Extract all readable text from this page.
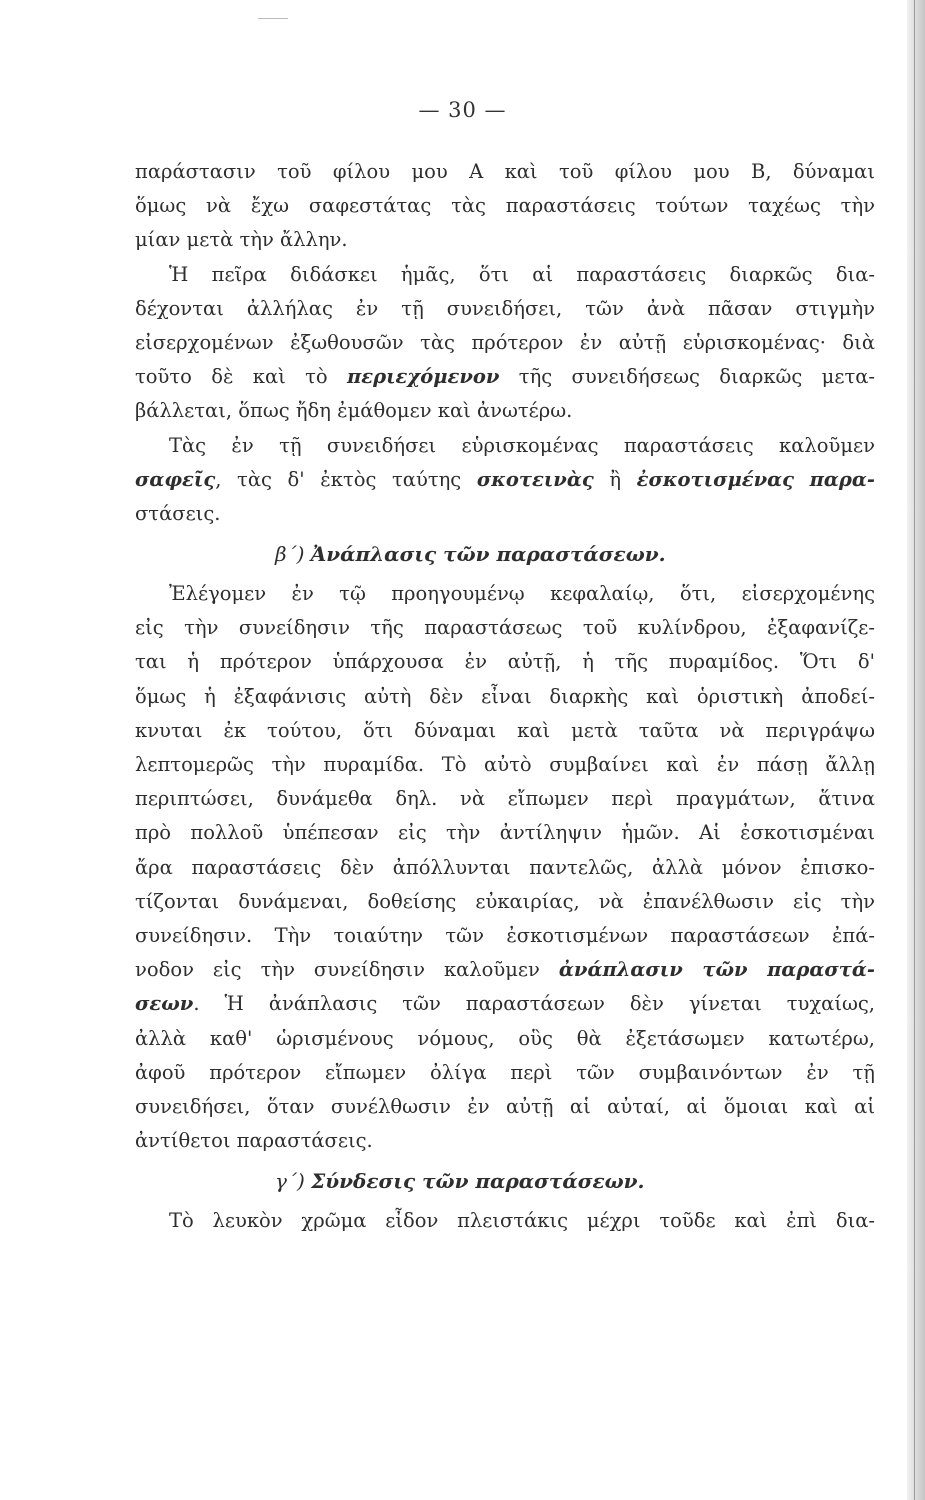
— 30 —
παράστασιν τοῦ φίλου μου Α καὶ τοῦ φίλου μου Β, δύναμαι
ὅμως νὰ ἔχω σαφεστάτας τὰς παραστάσεις τούτων ταχέως τὴν
μίαν μετὰ τὴν ἄλλην.
Ἡ πεῖρα διδάσκει ἡμᾶς, ὅτι αἱ παραστάσεις διαρκῶς δια-
δέχονται ἀλλήλας ἐν τῇ συνειδήσει, τῶν ἀνὰ πᾶσαν στιγμὴν
εἰσερχομένων ἐξωθουσῶν τὰς πρότερον ἐν αὐτῇ εὑρισκομένας· διὰ
τοῦτο δὲ καὶ τὸ περιεχόμενον τῆς συνειδήσεως διαρκῶς μετα-
βάλλεται, ὅπως ἤδη ἐμάθομεν καὶ ἀνωτέρω.
Τὰς ἐν τῇ συνειδήσει εὑρισκομένας παραστάσεις καλοῦμεν
σαφεῖς, τὰς δ' ἐκτὸς ταύτης σκοτεινὰς ἢ ἐσκοτισμένας παρα-
στάσεις.
β΄) Ἀνάπλασις τῶν παραστάσεων.
Ἐλέγομεν ἐν τῷ προηγουμένῳ κεφαλαίῳ, ὅτι, εἰσερχομένης
εἰς τὴν συνείδησιν τῆς παραστάσεως τοῦ κυλίνδρου, ἐξαφανίζε-
ται ἡ πρότερον ὑπάρχουσα ἐν αὐτῇ, ἡ τῆς πυραμίδος. Ὅτι δ'
ὅμως ἡ ἐξαφάνισις αὐτὴ δὲν εἶναι διαρκὴς καὶ ὁριστικὴ ἀποδεί-
κνυται ἐκ τούτου, ὅτι δύναμαι καὶ μετὰ ταῦτα νὰ περιγράψω
λεπτομερῶς τὴν πυραμίδα. Τὸ αὐτὸ συμβαίνει καὶ ἐν πάσῃ ἄλλῃ
περιπτώσει, δυνάμεθα δηλ. νὰ εἴπωμεν περὶ πραγμάτων, ἅτινα
πρὸ πολλοῦ ὑπέπεσαν εἰς τὴν ἀντίληψιν ἡμῶν. Αἱ ἐσκοτισμέναι
ἄρα παραστάσεις δὲν ἀπόλλυνται παντελῶς, ἀλλὰ μόνον ἐπισκο-
τίζονται δυνάμεναι, δοθείσης εὐκαιρίας, νὰ ἐπανέλθωσιν εἰς τὴν
συνείδησιν. Τὴν τοιαύτην τῶν ἐσκοτισμένων παραστάσεων ἐπά-
νοδον εἰς τὴν συνείδησιν καλοῦμεν ἀνάπλασιν τῶν παραστά-
σεων. Ἡ ἀνάπλασις τῶν παραστάσεων δὲν γίνεται τυχαίως,
ἀλλὰ καθ' ὡρισμένους νόμους, οὓς θὰ ἐξετάσωμεν κατωτέρω,
ἀφοῦ πρότερον εἴπωμεν ὀλίγα περὶ τῶν συμβαινόντων ἐν τῇ
συνειδήσει, ὅταν συνέλθωσιν ἐν αὐτῇ αἱ αὐταί, αἱ ὅμοιαι καὶ αἱ
ἀντίθετοι παραστάσεις.
γ΄) Σύνδεσις τῶν παραστάσεων.
Τὸ λευκὸν χρῶμα εἶδον πλειστάκις μέχρι τοῦδε καὶ ἐπὶ δια-
